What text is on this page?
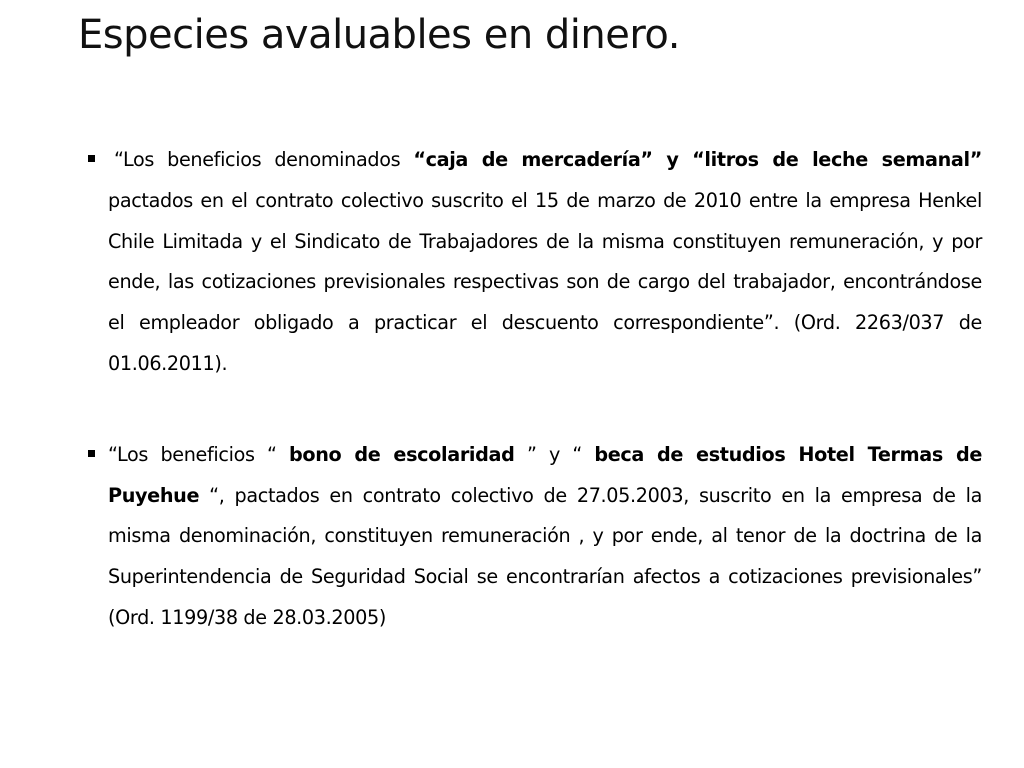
Especies avaluables en dinero.

“Los beneficios denominados “caja de mercadería” y “litros de leche semanal” pactados en el contrato colectivo suscrito el 15 de marzo de 2010 entre la empresa Henkel Chile Limitada y el Sindicato de Trabajadores de la misma constituyen remuneración, y por ende, las cotizaciones previsionales respectivas son de cargo del trabajador, encontrándose el empleador obligado a practicar el descuento correspondiente”. (Ord. 2263/037 de 01.06.2011).

“Los beneficios “ bono de escolaridad ” y “ beca de estudios Hotel Termas de Puyehue “, pactados en contrato colectivo de 27.05.2003, suscrito en la empresa de la misma denominación, constituyen remuneración , y por ende, al tenor de la doctrina de la Superintendencia de Seguridad Social se encontrarían afectos a cotizaciones previsionales” (Ord. 1199/38 de 28.03.2005)
